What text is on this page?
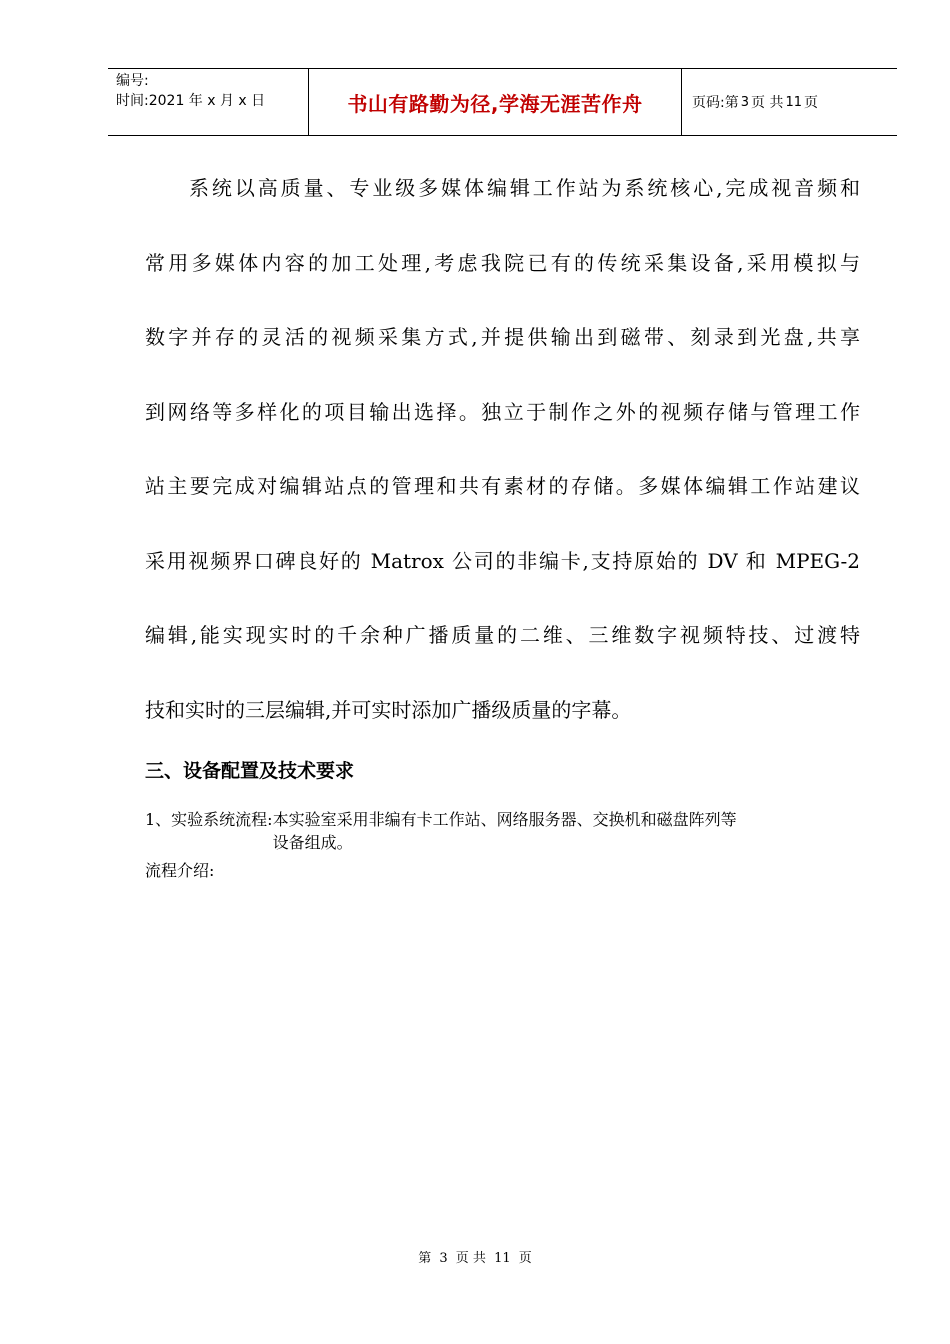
编号:
时间:2021 年 x 月 x 日	书山有路勤为径,学海无涯苦作舟	页码:第 3 页 共 11 页
系统以高质量、专业级多媒体编辑工作站为系统核心,完成视音频和
常用多媒体内容的加工处理,考虑我院已有的传统采集设备,采用模拟与
数字并存的灵活的视频采集方式,并提供输出到磁带、刻录到光盘,共享
到网络等多样化的项目输出选择。独立于制作之外的视频存储与管理工作
站主要完成对编辑站点的管理和共有素材的存储。多媒体编辑工作站建议
采用视频界口碑良好的 Matrox 公司的非编卡,支持原始的 DV 和 MPEG-2
编辑,能实现实时的千余种广播质量的二维、三维数字视频特技、过渡特
技和实时的三层编辑,并可实时添加广播级质量的字幕。
三、设备配置及技术要求
1、实验系统流程: 本实验室采用非编有卡工作站、网络服务器、交换机和磁盘阵列等
设备组成。
流程介绍:
第 3 页 共 11 页
